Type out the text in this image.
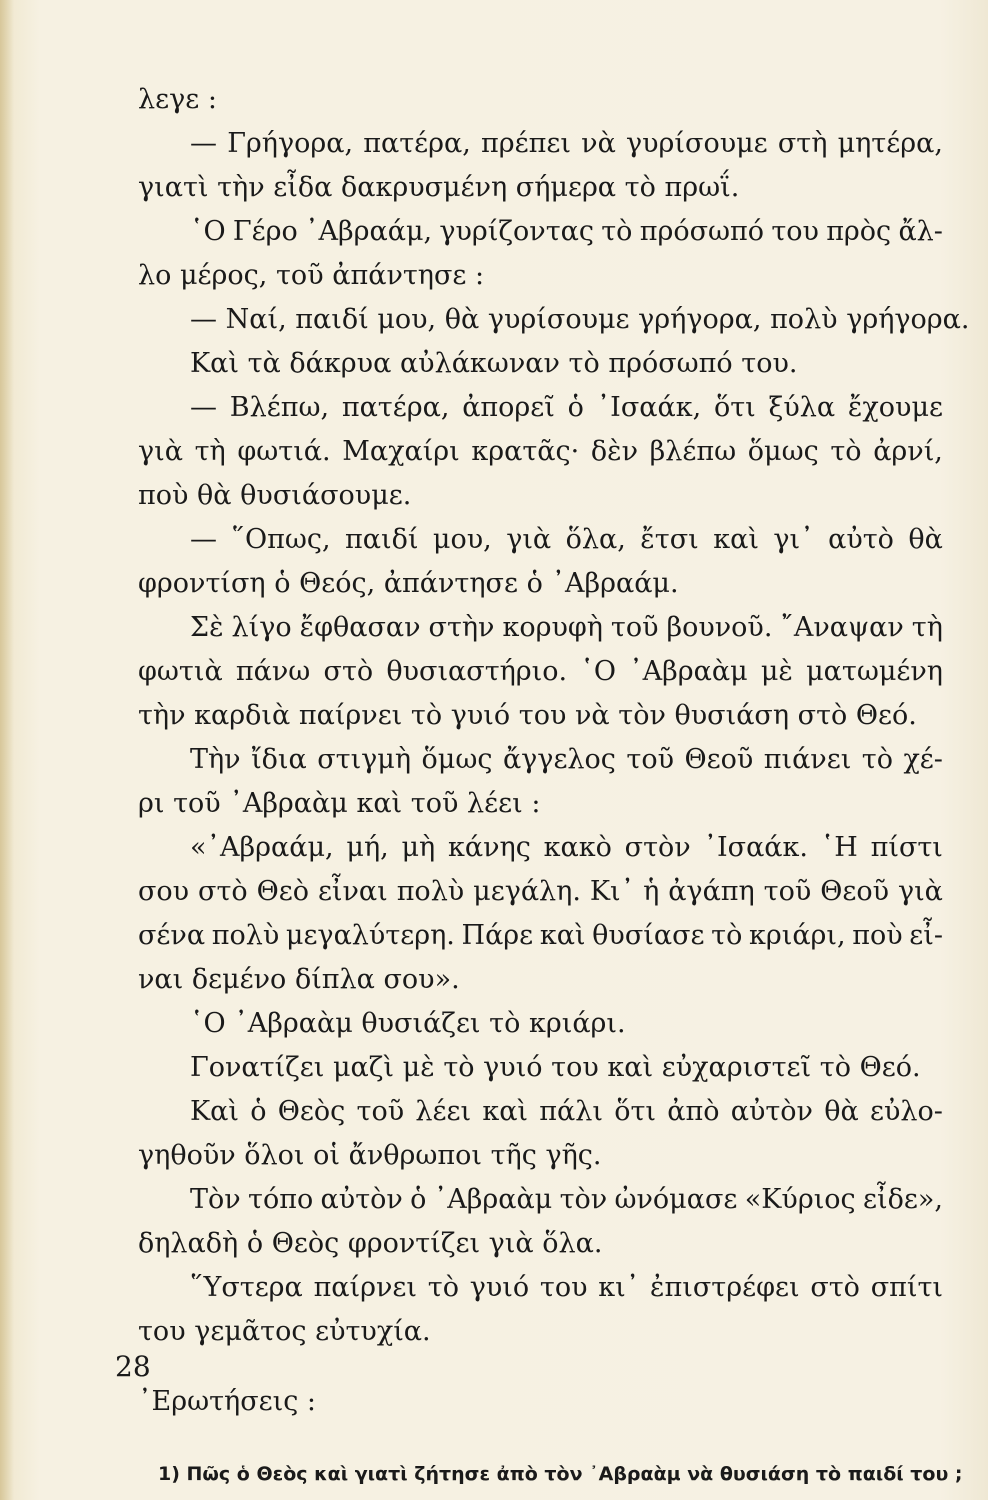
λεγε :
— Γρήγορα, πατέρα, πρέπει νὰ γυρίσουμε στὴ μητέρα,
γιατὶ τὴν εἶδα δακρυσμένη σήμερα τὸ πρωΐ.
῾Ο Γέρο ᾿Αβραάμ, γυρίζοντας τὸ πρόσωπό του πρὸς ἄλ-
λο μέρος, τοῦ ἀπάντησε :
— Ναί, παιδί μου, θὰ γυρίσουμε γρήγορα, πολὺ γρήγορα.
Καὶ τὰ δάκρυα αὐλάκωναν τὸ πρόσωπό του.
— Βλέπω, πατέρα, ἀπορεῖ ὁ ᾿Ισαάκ, ὅτι ξύλα ἔχουμε
γιὰ τὴ φωτιά. Μαχαίρι κρατᾶς· δὲν βλέπω ὅμως τὸ ἀρνί,
ποὺ θὰ θυσιάσουμε.
— ῞Οπως, παιδί μου, γιὰ ὅλα, ἔτσι καὶ γι᾿ αὐτὸ θὰ
φροντίση ὁ Θεός, ἀπάντησε ὁ ᾿Αβραάμ.
Σὲ λίγο ἔφθασαν στὴν κορυφὴ τοῦ βουνοῦ. ῎Αναψαν τὴ
φωτιὰ πάνω στὸ θυσιαστήριο. ῾Ο ᾿Αβραὰμ μὲ ματωμένη
τὴν καρδιὰ παίρνει τὸ γυιό του νὰ τὸν θυσιάση στὸ Θεό.
Τὴν ἴδια στιγμὴ ὅμως ἄγγελος τοῦ Θεοῦ πιάνει τὸ χέ-
ρι τοῦ ᾿Αβραὰμ καὶ τοῦ λέει :
«᾿Αβραάμ, μή, μὴ κάνης κακὸ στὸν ᾿Ισαάκ. ῾Η πίστι
σου στὸ Θεὸ εἶναι πολὺ μεγάλη. Κι᾿ ἡ ἀγάπη τοῦ Θεοῦ γιὰ
σένα πολὺ μεγαλύτερη. Πάρε καὶ θυσίασε τὸ κριάρι, ποὺ εἶ-
ναι δεμένο δίπλα σου».
῾Ο ᾿Αβραὰμ θυσιάζει τὸ κριάρι.
Γονατίζει μαζὶ μὲ τὸ γυιό του καὶ εὐχαριστεῖ τὸ Θεό.
Καὶ ὁ Θεὸς τοῦ λέει καὶ πάλι ὅτι ἀπὸ αὐτὸν θὰ εὐλο-
γηθοῦν ὅλοι οἱ ἄνθρωποι τῆς γῆς.
Τὸν τόπο αὐτὸν ὁ ᾿Αβραὰμ τὸν ὠνόμασε «Κύριος εἶδε»,
δηλαδὴ ὁ Θεὸς φροντίζει γιὰ ὅλα.
῞Υστερα παίρνει τὸ γυιό του κι᾿ ἐπιστρέφει στὸ σπίτι
του γεμᾶτος εὐτυχία.
᾿Ερωτήσεις :
1) Πῶς ὁ Θεὸς καὶ γιατὶ ζήτησε ἀπὸ τὸν ᾿Αβραὰμ νὰ θυσιάση τὸ παιδί του ;
28
